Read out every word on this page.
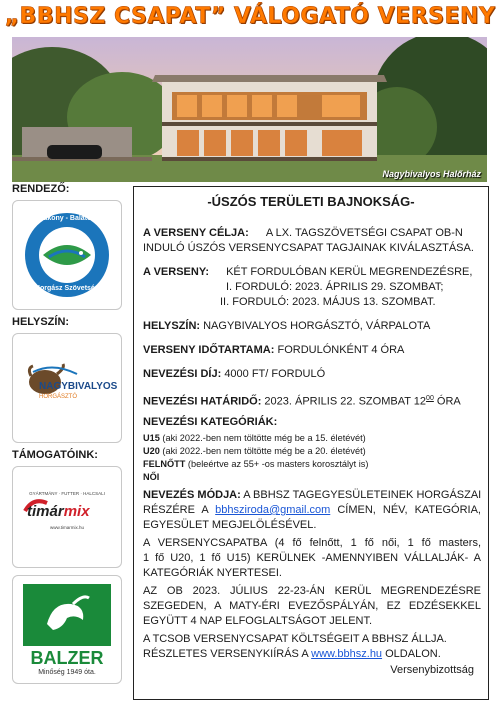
„BBHSZ CSAPAT” VÁLOGATÓ VERSENY
Nagybivalyos Halőrház
RENDEZŐ:
Bakony - Balaton
Horgász Szövetség
HELYSZÍN:
NAGYBIVALYOS
HORGÁSZTÓ
TÁMOGATÓINK:
GYÁRTMÁNY · FUTTER · HALCSALI
timármix
www.timarmix.hu
BALZER
Minőség 1949 óta.
-ÚSZÓS TERÜLETI BAJNOKSÁG-
A VERSENY CÉLJA: A LX. TAGSZÖVETSÉGI CSAPAT OB-N
INDULÓ ÚSZÓS VERSENYCSAPAT TAGJAINAK KIVÁLASZTÁSA.
A VERSENY: KÉT FORDULÓBAN KERÜL MEGRENDEZÉSRE,
I. FORDULÓ: 2023. ÁPRILIS 29. SZOMBAT;
II. FORDULÓ: 2023. MÁJUS 13. SZOMBAT.
HELYSZÍN: NAGYBIVALYOS HORGÁSZTÓ, VÁRPALOTA
VERSENY IDŐTARTAMA: FORDULÓNKÉNT 4 ÓRA
NEVEZÉSI DÍJ: 4000 FT/ FORDULÓ
NEVEZÉSI HATÁRIDŐ: 2023. ÁPRILIS 22. SZOMBAT $12^{00}$ ÓRA
NEVEZÉSI KATEGÓRIÁK:
U15 (aki 2022.-ben nem töltötte még be a 15. életévét)
U20 (aki 2022.-ben nem töltötte még be a 20. életévét)
FELNŐTT (beleértve az 55+ -os masters korosztályt is)
NŐI
NEVEZÉS MÓDJA: A BBHSZ TAGEGYESÜLETEINEK HORGÁSZAI
RÉSZÉRE A bbhsziroda@gmail.com CÍMEN, NÉV, KATEGÓRIA,
EGYESÜLET MEGJELÖLÉSÉVEL.
A VERSENYCSAPATBA (4 fő felnőtt, 1 fő női, 1 fő masters,
1 fő U20, 1 fő U15) KERÜLNEK -AMENNYIBEN VÁLLALJÁK- A
KATEGÓRIÁK NYERTESEI.
AZ OB 2023. JÚLIUS 22-23-ÁN KERÜL MEGRENDEZÉSRE
SZEGEDEN, A MATY-ÉRI EVEZŐSPÁLYÁN, EZ EDZÉSEKKEL
EGYÜTT 4 NAP ELFOGLALTSÁGOT JELENT.
A TCSOB VERSENYCSAPAT KÖLTSÉGEIT A BBHSZ ÁLLJA.
RÉSZLETES VERSENYKIÍRÁS A www.bbhsz.hu OLDALON.
Versenybizottság
